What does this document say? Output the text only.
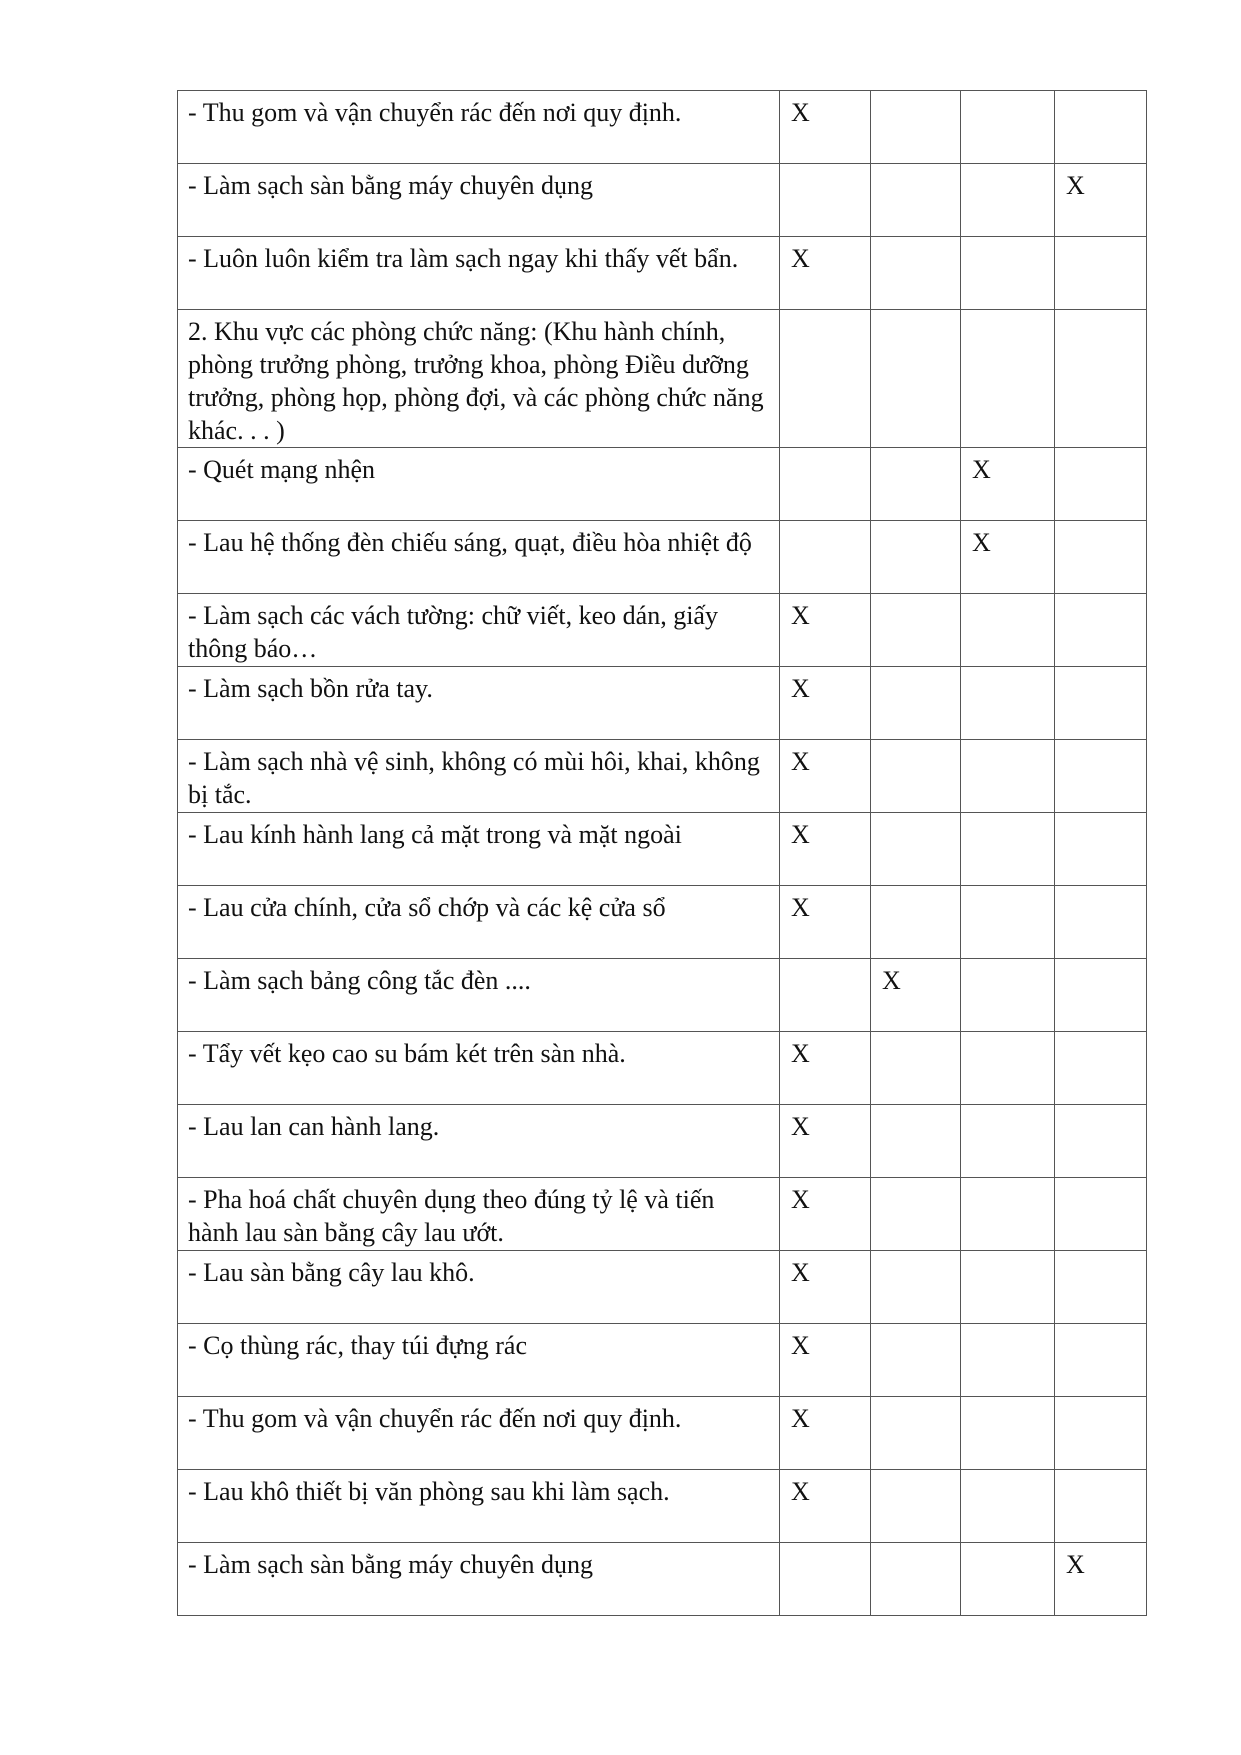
- Thu gom và vận chuyển rác đến nơi quy định.	X			
- Làm sạch sàn bằng máy chuyên dụng				X
- Luôn luôn kiểm tra làm sạch ngay khi thấy vết bẩn.	X			
2. Khu vực các phòng chức năng: (Khu hành chính, phòng trưởng phòng, trưởng khoa, phòng Điều dưỡng trưởng, phòng họp, phòng đợi, và các phòng chức năng khác. . . )				
- Quét mạng nhện			X	
- Lau hệ thống đèn chiếu sáng, quạt, điều hòa nhiệt độ			X	
- Làm sạch các vách tường: chữ viết, keo dán, giấy thông báo…	X			
- Làm sạch bồn rửa tay.	X			
- Làm sạch nhà vệ sinh, không có mùi hôi, khai, không bị tắc.	X			
- Lau kính hành lang cả mặt trong và mặt ngoài	X			
- Lau cửa chính, cửa sổ chớp và các kệ cửa sổ	X			
- Làm sạch bảng công tắc đèn ....		X		
- Tẩy vết kẹo cao su bám két trên sàn nhà.	X			
- Lau lan can hành lang.	X			
- Pha hoá chất chuyên dụng theo đúng tỷ lệ và tiến hành lau sàn bằng cây lau ướt.	X			
- Lau sàn bằng cây lau khô.	X			
- Cọ thùng rác, thay túi đựng rác	X			
- Thu gom và vận chuyển rác đến nơi quy định.	X			
- Lau khô thiết bị văn phòng sau khi làm sạch.	X			
- Làm sạch sàn bằng máy chuyên dụng				X
